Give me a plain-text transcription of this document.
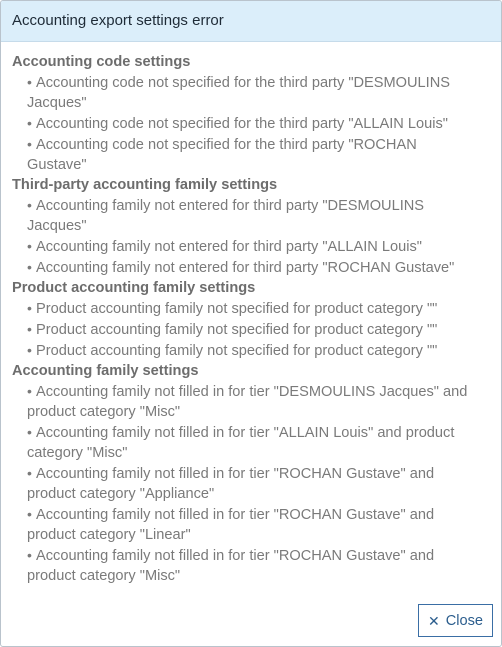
Accounting export settings error
Accounting code settings
• Accounting code not specified for the third party "DESMOULINS Jacques"
• Accounting code not specified for the third party "ALLAIN Louis"
• Accounting code not specified for the third party "ROCHAN Gustave"
Third-party accounting family settings
• Accounting family not entered for third party "DESMOULINS Jacques"
• Accounting family not entered for third party "ALLAIN Louis"
• Accounting family not entered for third party "ROCHAN Gustave"
Product accounting family settings
• Product accounting family not specified for product category ""
• Product accounting family not specified for product category ""
• Product accounting family not specified for product category ""
Accounting family settings
• Accounting family not filled in for tier "DESMOULINS Jacques" and product category "Misc"
• Accounting family not filled in for tier "ALLAIN Louis" and product category "Misc"
• Accounting family not filled in for tier "ROCHAN Gustave" and product category "Appliance"
• Accounting family not filled in for tier "ROCHAN Gustave" and product category "Linear"
• Accounting family not filled in for tier "ROCHAN Gustave" and product category "Misc"
✕ Close
